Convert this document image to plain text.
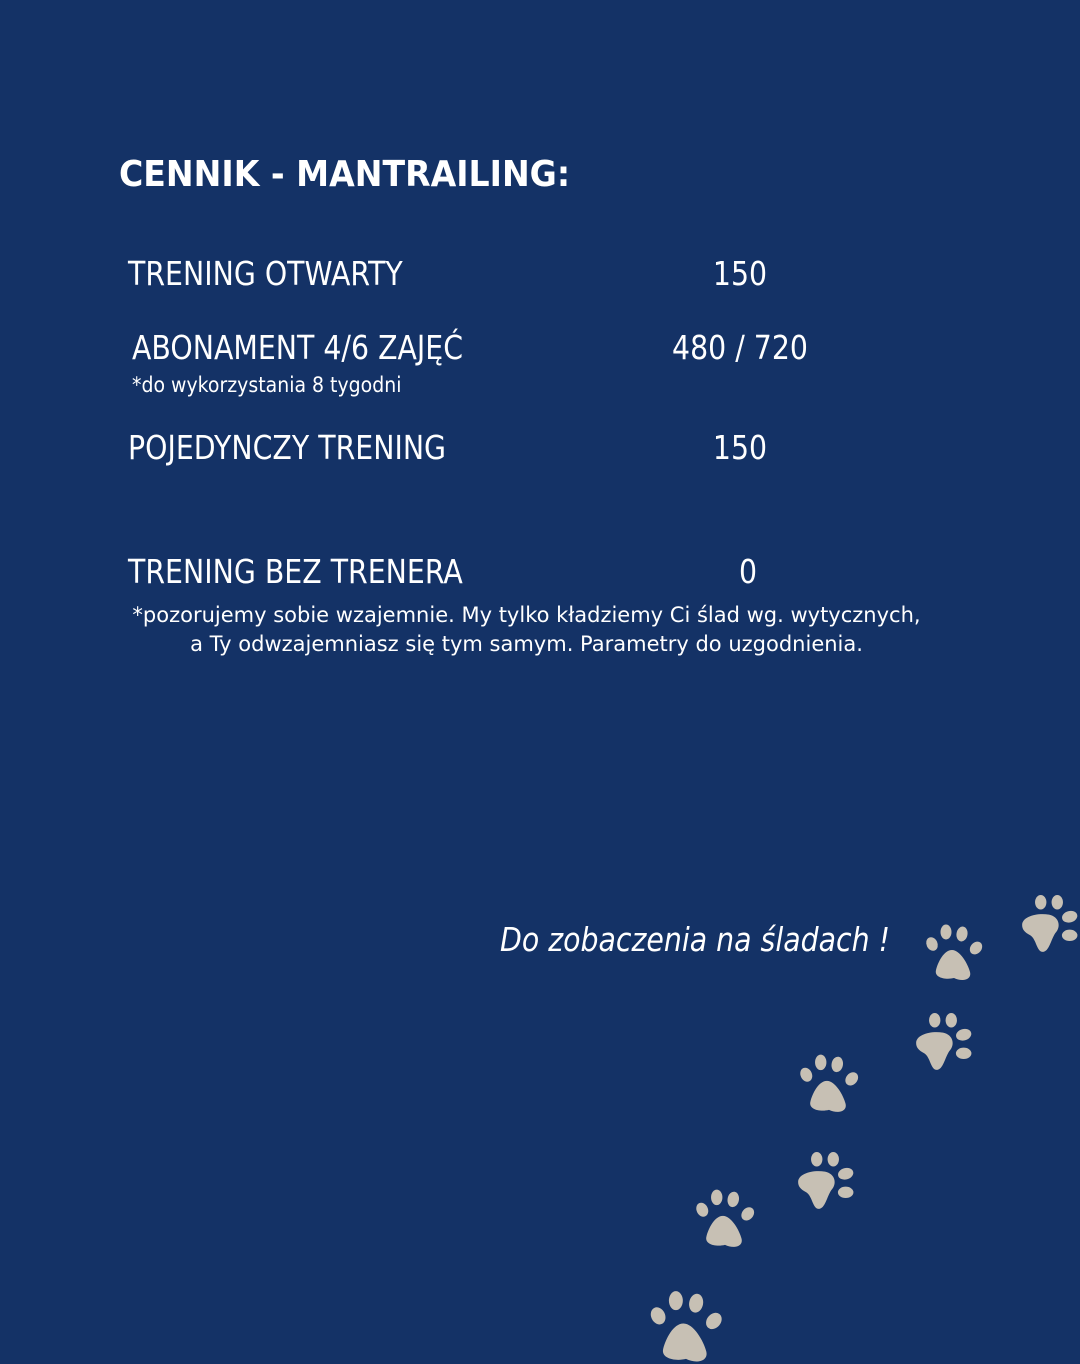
CENNIK - MANTRAILING:
TRENING OTWARTY	150
ABONAMENT 4/6 ZAJĘĆ	480 / 720
*do wykorzystania 8 tygodni
POJEDYNCZY TRENING	150
TRENING BEZ TRENERA	0
*pozorujemy sobie wzajemnie. My tylko kładziemy Ci ślad wg. wytycznych,
a Ty odwzajemniasz się tym samym. Parametry do uzgodnienia.
Do zobaczenia na śladach !
